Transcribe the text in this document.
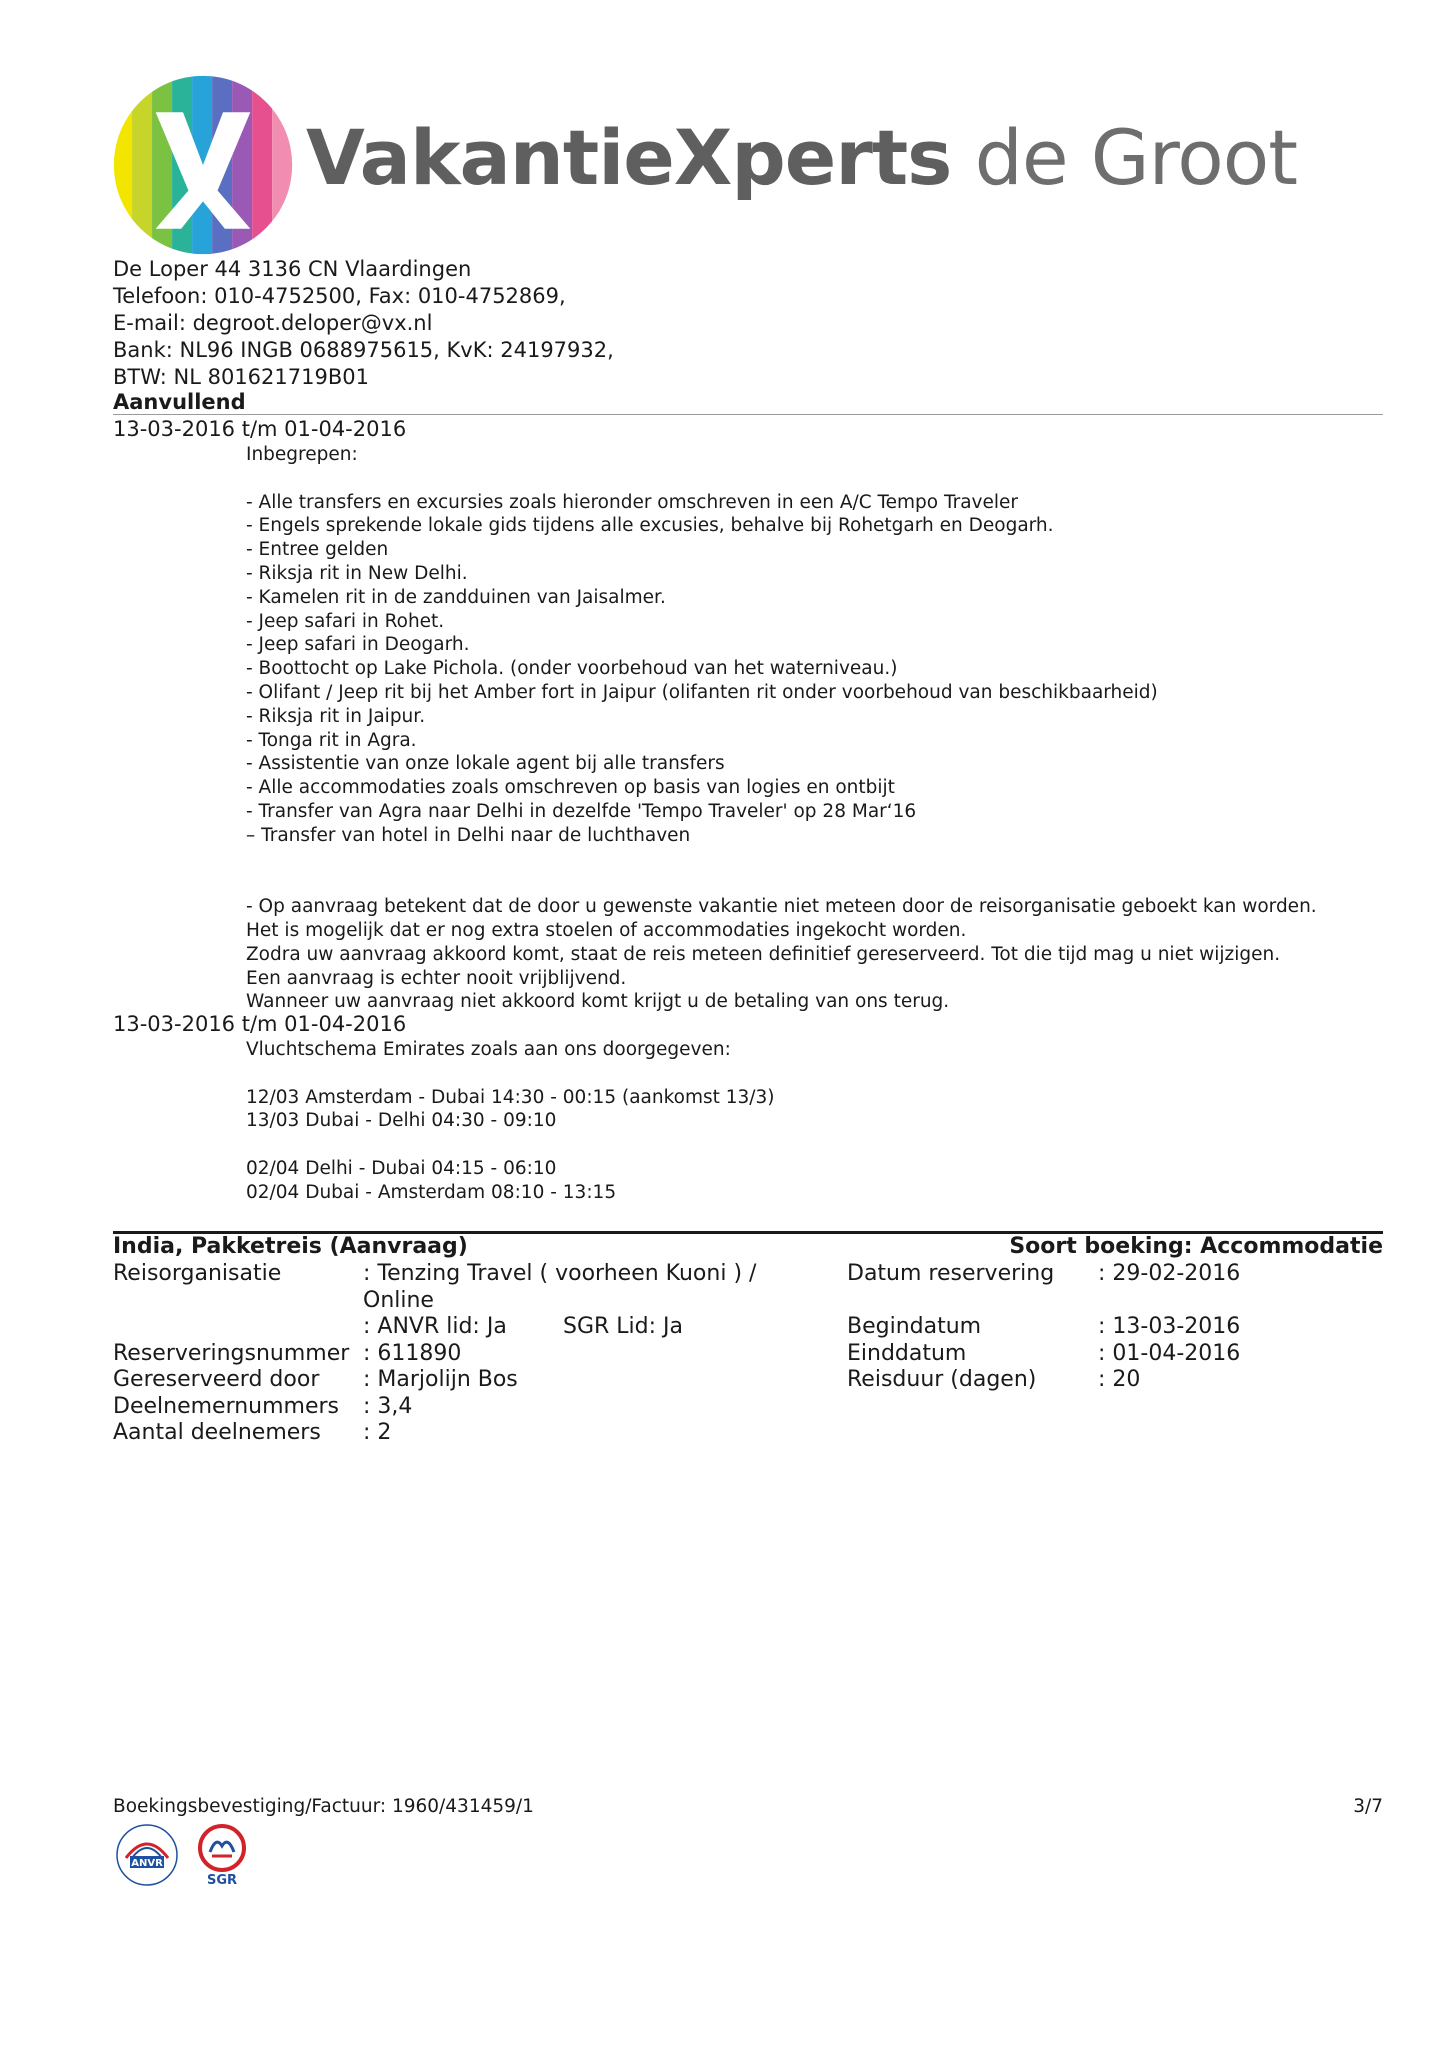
VakantieXperts de Groot
De Loper 44 3136 CN Vlaardingen
Telefoon: 010-4752500, Fax: 010-4752869,
E-mail: degroot.deloper@vx.nl
Bank: NL96 INGB 0688975615, KvK: 24197932,
BTW: NL 801621719B01
Aanvullend
13-03-2016 t/m 01-04-2016
Inbegrepen:
- Alle transfers en excursies zoals hieronder omschreven in een A/C Tempo Traveler
- Engels sprekende lokale gids tijdens alle excusies, behalve bij Rohetgarh en Deogarh.
- Entree gelden
- Riksja rit in New Delhi.
- Kamelen rit in de zandduinen van Jaisalmer.
- Jeep safari in Rohet.
- Jeep safari in Deogarh.
- Boottocht op Lake Pichola. (onder voorbehoud van het waterniveau.)
- Olifant / Jeep rit bij het Amber fort in Jaipur (olifanten rit onder voorbehoud van beschikbaarheid)
- Riksja rit in Jaipur.
- Tonga rit in Agra.
- Assistentie van onze lokale agent bij alle transfers
- Alle accommodaties zoals omschreven op basis van logies en ontbijt
- Transfer van Agra naar Delhi in dezelfde 'Tempo Traveler' op 28 Mar‘16
– Transfer van hotel in Delhi naar de luchthaven
- Op aanvraag betekent dat de door u gewenste vakantie niet meteen door de reisorganisatie geboekt kan worden.
Het is mogelijk dat er nog extra stoelen of accommodaties ingekocht worden.
Zodra uw aanvraag akkoord komt, staat de reis meteen definitief gereserveerd. Tot die tijd mag u niet wijzigen.
Een aanvraag is echter nooit vrijblijvend.
Wanneer uw aanvraag niet akkoord komt krijgt u de betaling van ons terug.
13-03-2016 t/m 01-04-2016
Vluchtschema Emirates zoals aan ons doorgegeven:
12/03 Amsterdam - Dubai 14:30 - 00:15 (aankomst 13/3)
13/03 Dubai - Delhi 04:30 - 09:10
02/04 Delhi - Dubai 04:15 - 06:10
02/04 Dubai - Amsterdam 08:10 - 13:15
India, Pakketreis (Aanvraag)	Soort boeking: Accommodatie
Reisorganisatie	: Tenzing Travel ( voorheen Kuoni ) /	Datum reservering : 29-02-2016
Online
: ANVR lid: Ja	SGR Lid: Ja	Begindatum	: 13-03-2016
Reserveringsnummer : 611890	Einddatum	: 01-04-2016
Gereserveerd door : Marjolijn Bos	Reisduur (dagen)	: 20
Deelnemernummers : 3,4
Aantal deelnemers : 2
Boekingsbevestiging/Factuur: 1960/431459/1	3/7
ANVR
SGR
